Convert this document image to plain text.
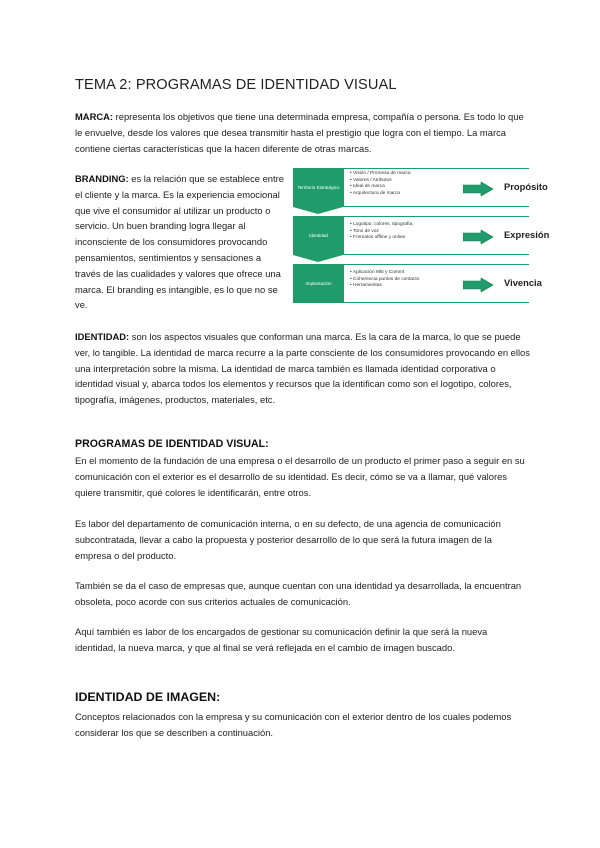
TEMA 2: PROGRAMAS DE IDENTIDAD VISUAL

MARCA: representa los objetivos que tiene una determinada empresa, compañía o persona. Es todo lo que le envuelve, desde los valores que desea transmitir hasta el prestigio que logra con el tiempo. La marca contiene ciertas características que la hacen diferente de otras marcas.

BRANDING: es la relación que se establece entre el cliente y la marca. Es la experiencia emocional que vive el consumidor al utilizar un producto o servicio. Un buen branding logra llegar al inconsciente de los consumidores provocando pensamientos, sentimientos y sensaciones a través de las cualidades y valores que ofrece una marca. El branding es intangible, es lo que no se ve.

• Visión / Promesa de marca
• Valores / Atributos
• Ideal de marca
• Arquitectura de marca
Propósito
Territorio Estratégico
• Logotipo, colores, tipografía,
• Tono de voz
• Formatos offline y online	Expresión
Identidad
• Aplicación Mkt y Comml
• Coherencia puntos de contacto
• Herramientas	Vivencia
Implantación

IDENTIDAD: son los aspectos visuales que conforman una marca. Es la cara de la marca, lo que se puede ver, lo tangible. La identidad de marca recurre a la parte consciente de los consumidores provocando en ellos una interpretación sobre la misma. La identidad de marca también es llamada identidad corporativa o identidad visual y, abarca todos los elementos y recursos que la identifican como son el logotipo, colores, tipografía, imágenes, productos, materiales, etc.

PROGRAMAS DE IDENTIDAD VISUAL:

En el momento de la fundación de una empresa o el desarrollo de un producto el primer paso a seguir en su comunicación con el exterior es el desarrollo de su identidad. Es decir, cómo se va a llamar, qué valores quiere transmitir, qué colores le identificarán, entre otros.

Es labor del departamento de comunicación interna, o en su defecto, de una agencia de comunicación subcontratada, llevar a cabo la propuesta y posterior desarrollo de lo que será la futura imagen de la empresa o del producto.

También se da el caso de empresas que, aunque cuentan con una identidad ya desarrollada, la encuentran obsoleta, poco acorde con sus criterios actuales de comunicación.

Aquí también es labor de los encargados de gestionar su comunicación definir la que será la nueva identidad, la nueva marca, y que al final se verá reflejada en el cambio de imagen buscado.

IDENTIDAD DE IMAGEN:

Conceptos relacionados con la empresa y su comunicación con el exterior dentro de los cuales podemos considerar los que se describen a continuación.
